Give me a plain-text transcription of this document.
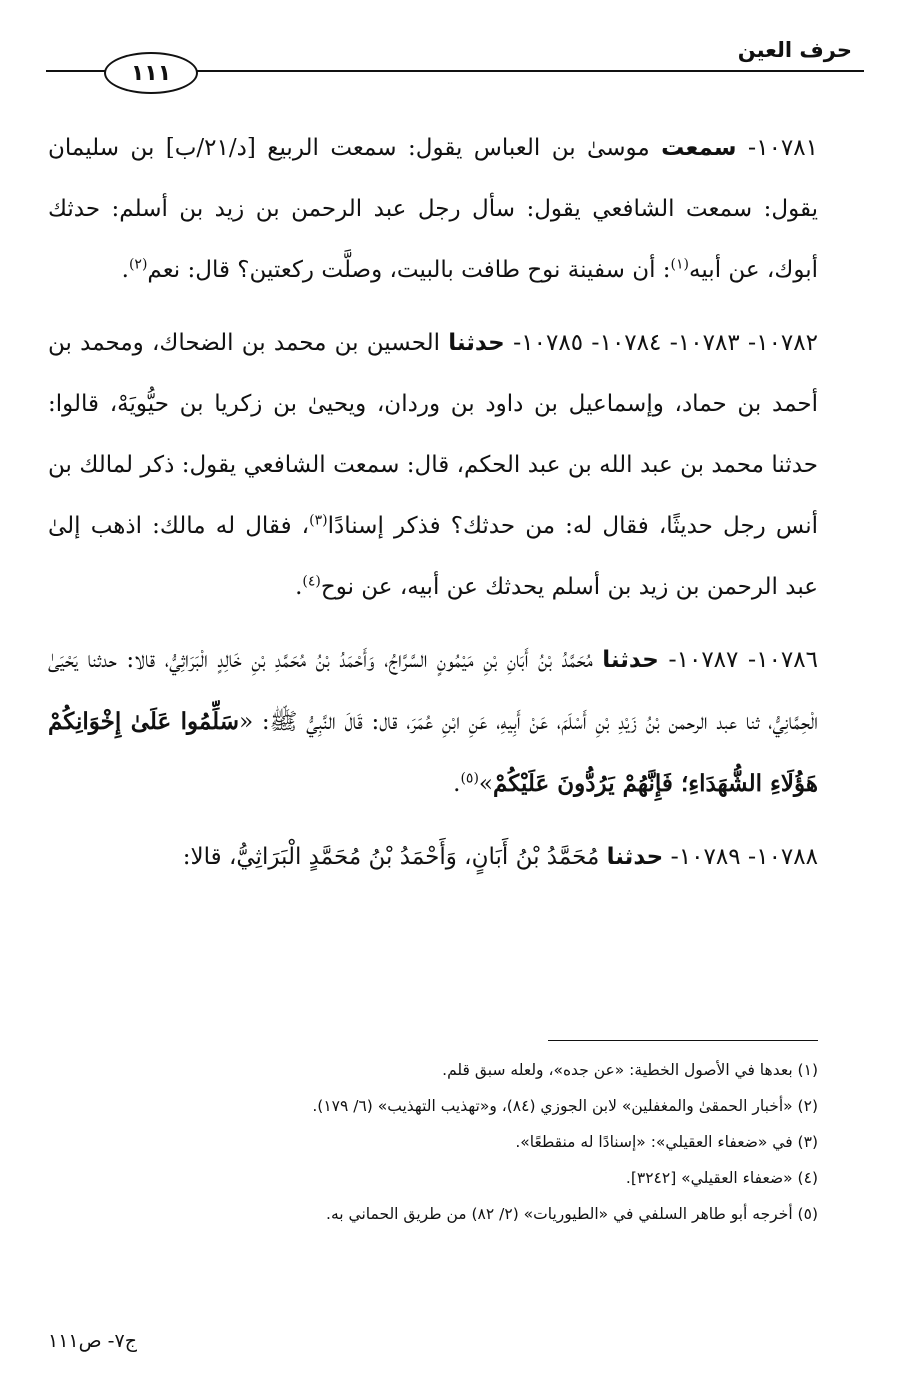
حرف العين
١١١

١٠٧٨١- سمعت موسىٰ بن العباس يقول: سمعت الربيع [د/٢١/ب] بن سليمان يقول: سمعت الشافعي يقول: سأل رجل عبد الرحمن بن زيد بن أسلم: حدثك أبوك، عن أبيه$^{(١)}$: أن سفينة نوح طافت بالبيت، وصلَّت ركعتين؟ قال: نعم$^{(٢)}$.

١٠٧٨٢- ١٠٧٨٣- ١٠٧٨٤- ١٠٧٨٥- حدثنا الحسين بن محمد بن الضحاك، ومحمد بن أحمد بن حماد، وإسماعيل بن داود بن وردان، ويحيىٰ بن زكريا بن حيُّويَهْ، قالوا: حدثنا محمد بن عبد الله بن عبد الحكم، قال: سمعت الشافعي يقول: ذكر لمالك بن أنس رجل حديثًا، فقال له: من حدثك؟ فذكر إسنادًا$^{(٣)}$، فقال له مالك: اذهب إلىٰ عبد الرحمن بن زيد بن أسلم يحدثك عن أبيه، عن نوح$^{(٤)}$.

١٠٧٨٦- ١٠٧٨٧- حدثنا مُحَمَّدُ بْنُ أَبَانِ بْنِ مَيْمُونٍ السَّرَّاجُ، وَأَحْمَدُ بْنُ مُحَمَّدِ بْنِ خَالِدٍ الْبَرَاثِيُّ، قالا: حدثنا يَحْيَىٰ الْحِمَّانِيُّ، ثنا عبد الرحمن بْنُ زَيْدِ بْنِ أَسْلَمَ، عَنْ أَبِيهِ، عَنِ ابْنِ عُمَرَ، قال: قَالَ النَّبِيُّ ﷺ: «سَلِّمُوا عَلَىٰ إِخْوَانِكُمْ هَؤُلَاءِ الشُّهَدَاءِ؛ فَإِنَّهُمْ يَرُدُّونَ عَلَيْكُمْ»$^{(٥)}$.

١٠٧٨٨- ١٠٧٨٩- حدثنا مُحَمَّدُ بْنُ أَبَانٍ، وَأَحْمَدُ بْنُ مُحَمَّدٍ الْبَرَاثِيُّ، قالا:

(١) بعدها في الأصول الخطية: «عن جده»، ولعله سبق قلم.

(٢) «أخبار الحمقىٰ والمغفلين» لابن الجوزي (٨٤)، و«تهذيب التهذيب» (٦/ ١٧٩).

(٣) في «ضعفاء العقيلي»: «إسنادًا له منقطعًا».

(٤) «ضعفاء العقيلي» [٣٢٤٢].

(٥) أخرجه أبو طاهر السلفي في «الطيوريات» (٢/ ٨٢) من طريق الحماني به.

ج٧- ص١١١
